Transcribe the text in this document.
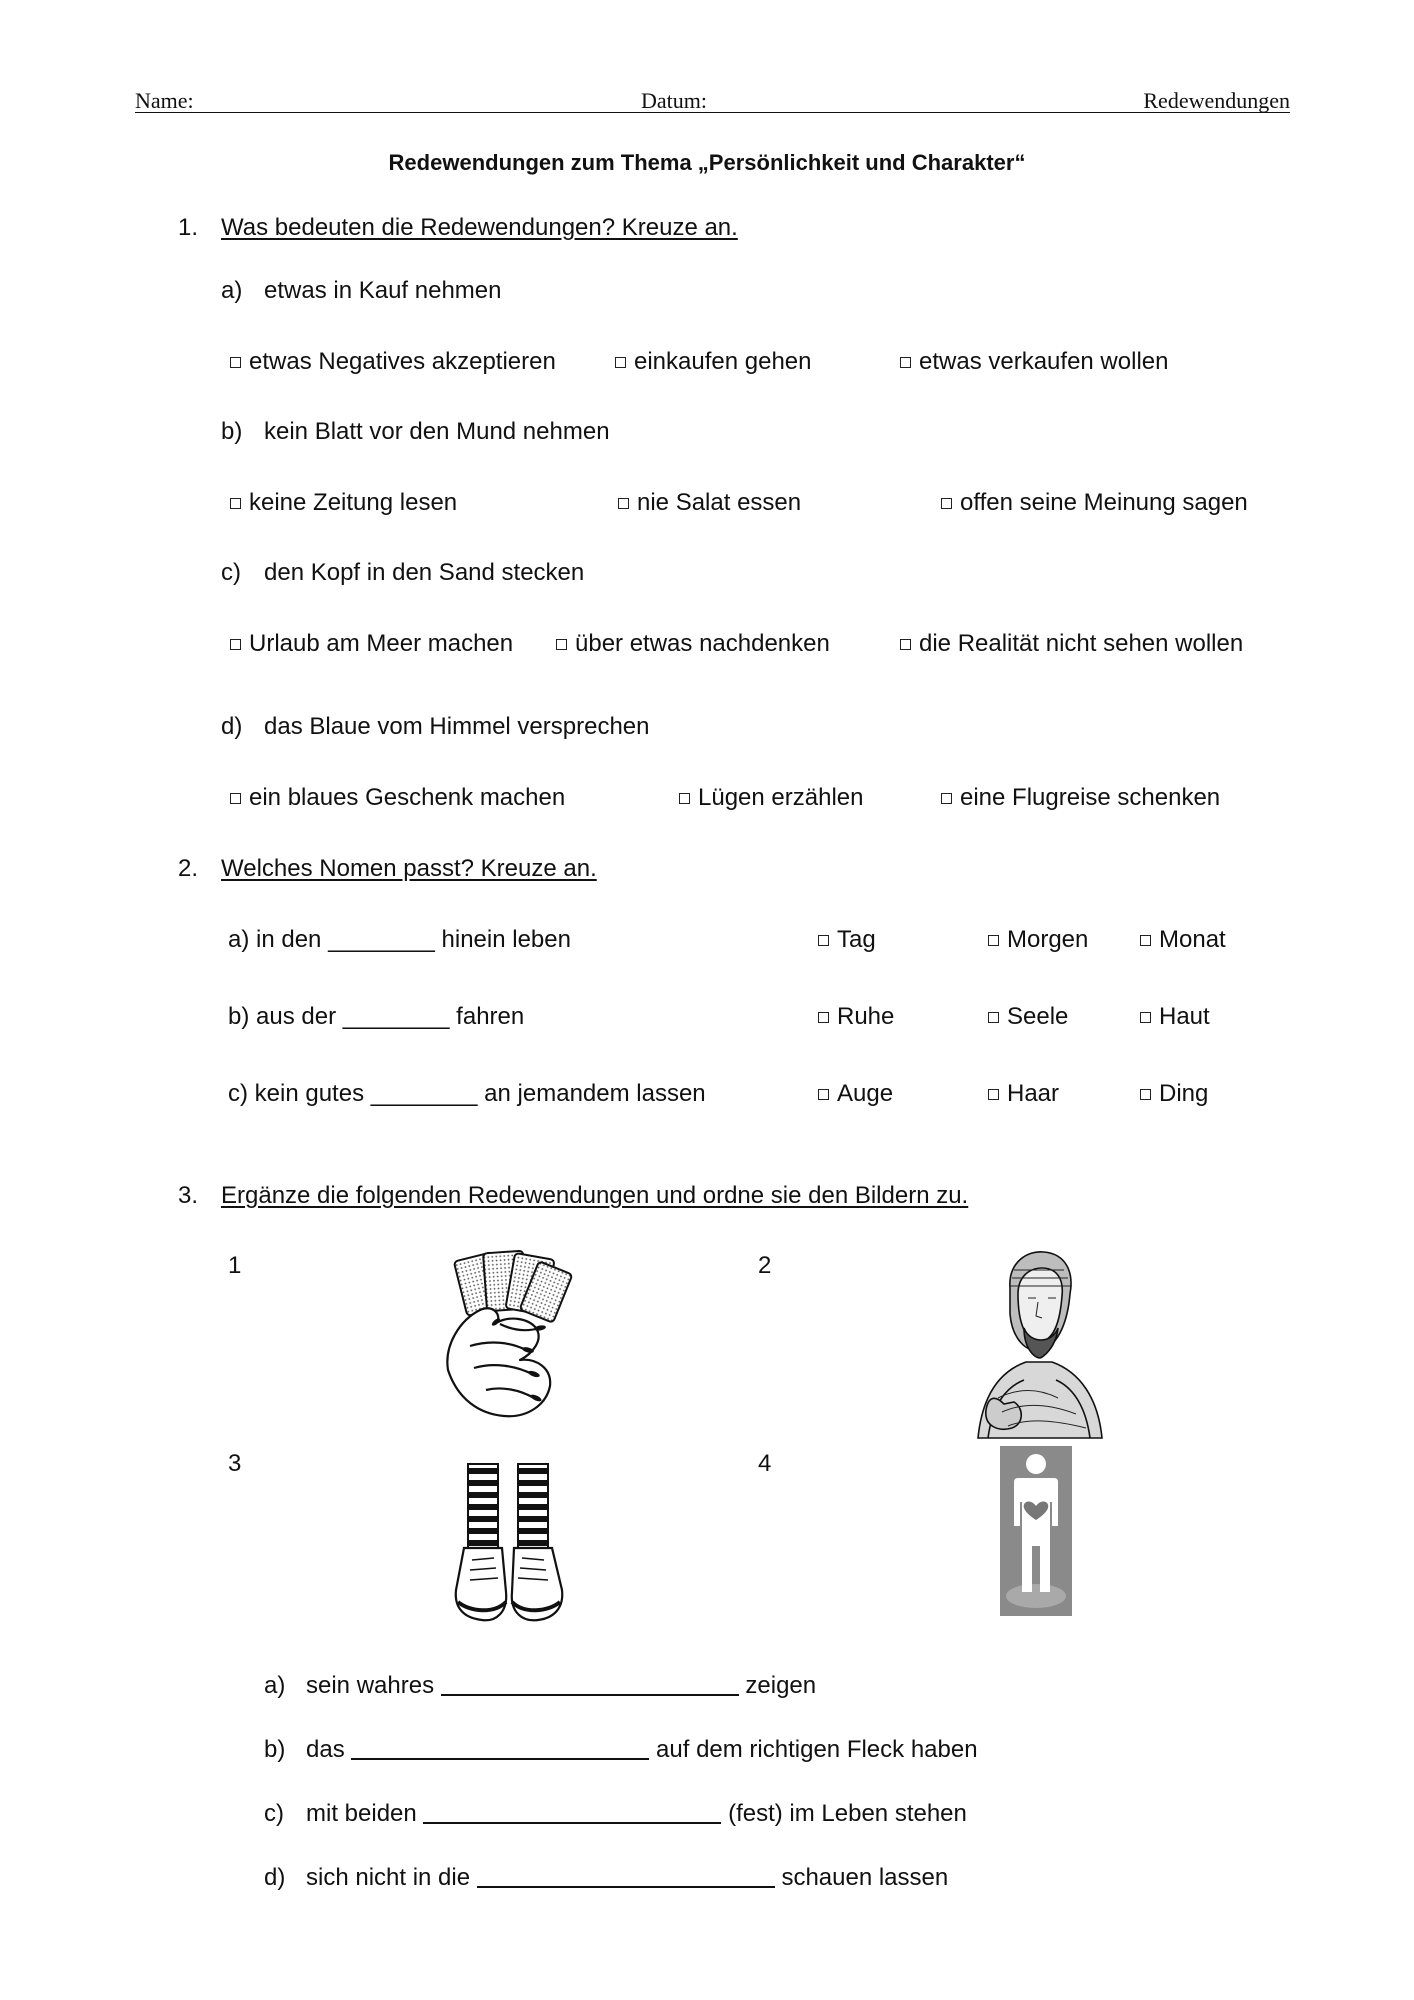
Name:	Datum:	Redewendungen
Redewendungen zum Thema „Persönlichkeit und Charakter“
1. Was bedeuten die Redewendungen? Kreuze an.
a) etwas in Kauf nehmen
etwas Negatives akzeptieren	einkaufen gehen	etwas verkaufen wollen
b) kein Blatt vor den Mund nehmen
keine Zeitung lesen	nie Salat essen	offen seine Meinung sagen
c) den Kopf in den Sand stecken
Urlaub am Meer machen	über etwas nachdenken	die Realität nicht sehen wollen
d) das Blaue vom Himmel versprechen
ein blaues Geschenk machen	Lügen erzählen	eine Flugreise schenken
2. Welches Nomen passt? Kreuze an.
a) in den ________ hinein leben	Tag	Morgen	Monat
b) aus der ________ fahren	Ruhe	Seele	Haut
c) kein gutes ________ an jemandem lassen	Auge	Haar	Ding
3. Ergänze die folgenden Redewendungen und ordne sie den Bildern zu.
1	2
3	4
a) sein wahres	zeigen
b) das	auf dem richtigen Fleck haben
c) mit beiden	(fest) im Leben stehen
d) sich nicht in die	schauen lassen
